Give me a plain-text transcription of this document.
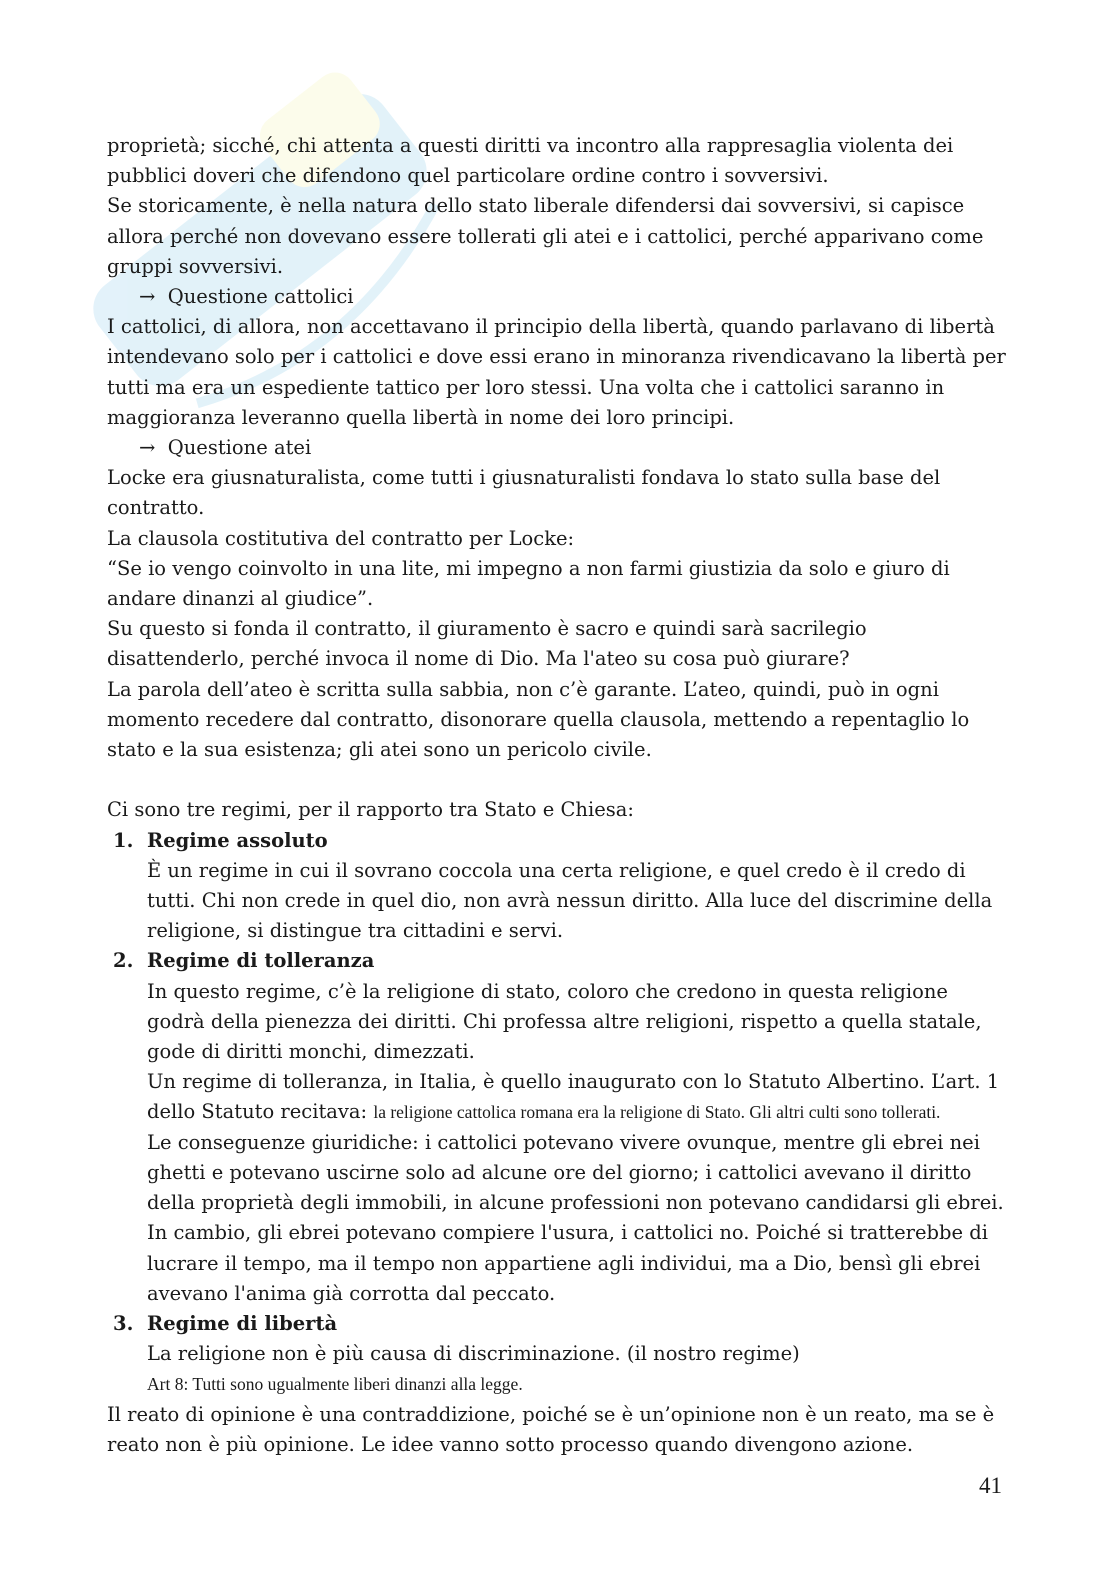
proprietà; sicché, chi attenta a questi diritti va incontro alla rappresaglia violenta dei pubblici doveri che difendono quel particolare ordine contro i sovversivi.

Se storicamente, è nella natura dello stato liberale difendersi dai sovversivi, si capisce allora perché non dovevano essere tollerati gli atei e i cattolici, perché apparivano come gruppi sovversivi.

→ Questione cattolici

I cattolici, di allora, non accettavano il principio della libertà, quando parlavano di libertà intendevano solo per i cattolici e dove essi erano in minoranza rivendicavano la libertà per tutti ma era un espediente tattico per loro stessi. Una volta che i cattolici saranno in maggioranza leveranno quella libertà in nome dei loro principi.

→ Questione atei

Locke era giusnaturalista, come tutti i giusnaturalisti fondava lo stato sulla base del contratto.

La clausola costitutiva del contratto per Locke:

“Se io vengo coinvolto in una lite, mi impegno a non farmi giustizia da solo e giuro di andare dinanzi al giudice”.

Su questo si fonda il contratto, il giuramento è sacro e quindi sarà sacrilegio disattenderlo, perché invoca il nome di Dio. Ma l'ateo su cosa può giurare?

La parola dell’ateo è scritta sulla sabbia, non c’è garante. L’ateo, quindi, può in ogni momento recedere dal contratto, disonorare quella clausola, mettendo a repentaglio lo stato e la sua esistenza; gli atei sono un pericolo civile.

Ci sono tre regimi, per il rapporto tra Stato e Chiesa:

1. Regime assoluto

È un regime in cui il sovrano coccola una certa religione, e quel credo è il credo di tutti. Chi non crede in quel dio, non avrà nessun diritto. Alla luce del discrimine della religione, si distingue tra cittadini e servi.

2. Regime di tolleranza

In questo regime, c’è la religione di stato, coloro che credono in questa religione godrà della pienezza dei diritti. Chi professa altre religioni, rispetto a quella statale, gode di diritti monchi, dimezzati.

Un regime di tolleranza, in Italia, è quello inaugurato con lo Statuto Albertino. L’art. 1 dello Statuto recitava: la religione cattolica romana era la religione di Stato. Gli altri culti sono tollerati.

Le conseguenze giuridiche: i cattolici potevano vivere ovunque, mentre gli ebrei nei ghetti e potevano uscirne solo ad alcune ore del giorno; i cattolici avevano il diritto della proprietà degli immobili, in alcune professioni non potevano candidarsi gli ebrei.

In cambio, gli ebrei potevano compiere l'usura, i cattolici no. Poiché si tratterebbe di lucrare il tempo, ma il tempo non appartiene agli individui, ma a Dio, bensì gli ebrei avevano l'anima già corrotta dal peccato.

3. Regime di libertà

La religione non è più causa di discriminazione. (il nostro regime)

Art 8: Tutti sono ugualmente liberi dinanzi alla legge.

Il reato di opinione è una contraddizione, poiché se è un’opinione non è un reato, ma se è reato non è più opinione. Le idee vanno sotto processo quando divengono azione.

41
